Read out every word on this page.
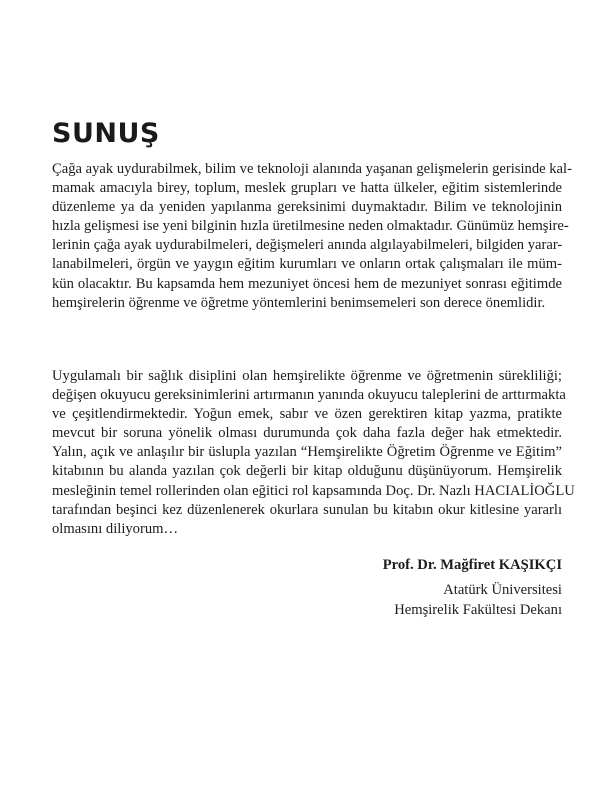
SUNUŞ
Çağa ayak uydurabilmek, bilim ve teknoloji alanında yaşanan gelişmelerin gerisinde kal-
mamak amacıyla birey, toplum, meslek grupları ve hatta ülkeler, eğitim sistemlerinde
düzenleme ya da yeniden yapılanma gereksinimi duymaktadır. Bilim ve teknolojinin
hızla gelişmesi ise yeni bilginin hızla üretilmesine neden olmaktadır. Günümüz hemşire-
lerinin çağa ayak uydurabilmeleri, değişmeleri anında algılayabilmeleri, bilgiden yarar-
lanabilmeleri, örgün ve yaygın eğitim kurumları ve onların ortak çalışmaları ile müm-
kün olacaktır. Bu kapsamda hem mezuniyet öncesi hem de mezuniyet sonrası eğitimde
hemşirelerin öğrenme ve öğretme yöntemlerini benimsemeleri son derece önemlidir.
Uygulamalı bir sağlık disiplini olan hemşirelikte öğrenme ve öğretmenin sürekliliği;
değişen okuyucu gereksinimlerini artırmanın yanında okuyucu taleplerini de arttırmakta
ve çeşitlendirmektedir. Yoğun emek, sabır ve özen gerektiren kitap yazma, pratikte
mevcut bir soruna yönelik olması durumunda çok daha fazla değer hak etmektedir.
Yalın, açık ve anlaşılır bir üslupla yazılan “Hemşirelikte Öğretim Öğrenme ve Eğitim”
kitabının bu alanda yazılan çok değerli bir kitap olduğunu düşünüyorum. Hemşirelik
mesleğinin temel rollerinden olan eğitici rol kapsamında Doç. Dr. Nazlı HACIALİOĞLU
tarafından beşinci kez düzenlenerek okurlara sunulan bu kitabın okur kitlesine yararlı
olmasını diliyorum…
Prof. Dr. Mağfiret KAŞIKÇI
Atatürk Üniversitesi
Hemşirelik Fakültesi Dekanı
